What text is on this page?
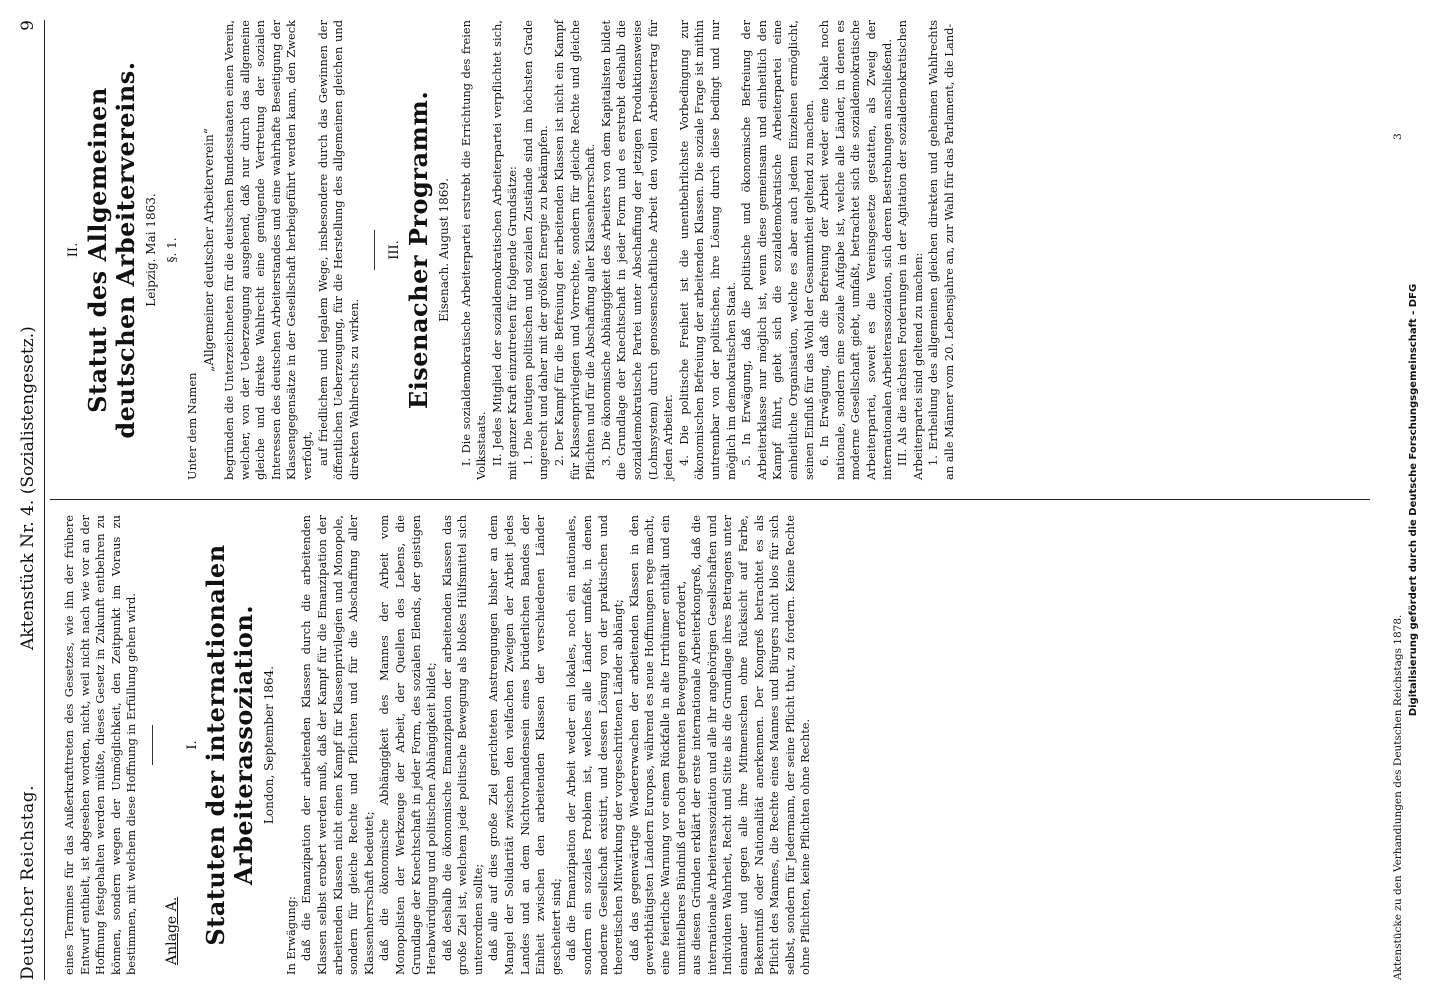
Deutscher Reichstag.
Aktenstück Nr. 4. (Sozialistengesetz.)
9

eines Termines für das Außerkrafttreten des Gesetzes, wie ihn der frühere Entwurf enthielt, ist abgesehen worden, nicht, weil nicht nach wie vor an der Hoffnung festgehalten werden müßte, dieses Gesetz in Zukunft entbehren zu können, sondern wegen der Unmöglichkeit, den Zeitpunkt im Voraus zu bestimmen, mit welchem diese Hoffnung in Erfüllung gehen wird. Anlage A.
I. Statuten der internationalen Arbeiterassoziation. London, September 1864.

In Erwägung: daß die Emanzipation der arbeitenden Klassen durch die arbeitenden Klassen selbst erobert werden muß, daß der Kampf für die Emanzipation der arbeitenden Klassen nicht einen Kampf für Klassenprivilegien und Monopole, sondern für gleiche Rechte und Pflichten und für die Abschaffung aller Klassenherrschaft bedeutet; daß die ökonomische Abhängigkeit des Mannes der Arbeit vom Monopolisten der Werkzeuge der Arbeit, der Quellen des Lebens, die Grundlage der Knechtschaft in jeder Form, des sozialen Elends, der geistigen Herabwürdigung und politischen Abhängigkeit bildet; daß deshalb die ökonomische Emanzipation der arbeitenden Klassen das große Ziel ist, welchem jede politische Bewegung als bloßes Hülfsmittel sich unterordnen sollte; daß alle auf dies große Ziel gerichteten Anstrengungen bisher an dem Mangel der Solidarität zwischen den vielfachen Zweigen der Arbeit jedes Landes und an dem Nichtvorhandensein eines brüderlichen Bandes der Einheit zwischen den arbeitenden Klassen der verschiedenen Länder gescheitert sind; daß die Emanzipation der Arbeit weder ein lokales, noch ein nationales, sondern ein soziales Problem ist, welches alle Länder umfaßt, in denen moderne Gesellschaft existirt, und dessen Lösung von der praktischen und theoretischen Mitwirkung der vorgeschrittenen Länder abhängt; daß das gegenwärtige Wiedererwachen der arbeitenden Klassen in den gewerbthätigsten Ländern Europas, während es neue Hoffnungen rege macht, eine feierliche Warnung vor einem Rückfalle in alte Irrthümer enthält und ein unmittelbares Bündniß der noch getrennten Bewegungen erfordert, aus diesen Gründen erklärt der erste internationale Arbeiterkongreß, daß die internationale Arbeiterassoziation und alle ihr angehörigen Gesellschaften und Individuen Wahrheit, Recht und Sitte als die Grundlage ihres Betragens unter einander und gegen alle ihre Mitmenschen ohne Rücksicht auf Farbe, Bekenntniß oder Nationalität anerkennen. Der Kongreß betrachtet es als Pflicht des Mannes, die Rechte eines Mannes und Bürgers nicht blos für sich selbst, sondern für Jedermann, der seine Pflicht thut, zu fordern. Keine Rechte ohne Pflichten, keine Pflichten ohne Rechte.

II. Statut des Allgemeinen deutschen Arbeitervereins. Leipzig. Mai 1863. §. 1.

Unter dem Namen

„Allgemeiner deutscher Arbeiterverein“ begründen die Unterzeichneten für die deutschen Bundesstaaten einen Verein, welcher, von der Ueberzeugung ausgehend, daß nur durch das allgemeine gleiche und direkte Wahlrecht eine genügende Vertretung der sozialen Interessen des deutschen Arbeiterstandes und eine wahrhafte Beseitigung der Klassengegensätze in der Gesellschaft herbeigeführt werden kann, den Zweck verfolgt, auf friedlichem und legalem Wege, insbesondere durch das Gewinnen der öffentlichen Ueberzeugung, für die Herstellung des allgemeinen gleichen und direkten Wahlrechts zu wirken.

III. Eisenacher Programm. Eisenach. August 1869. I. Die sozialdemokratische Arbeiterpartei erstrebt die Errichtung des freien Volksstaats. II. Jedes Mitglied der sozialdemokratischen Arbeiterpartei verpflichtet sich, mit ganzer Kraft einzutreten für folgende Grundsätze: 1. Die heutigen politischen und sozialen Zustände sind im höchsten Grade ungerecht und daher mit der größten Energie zu bekämpfen. 2. Der Kampf für die Befreiung der arbeitenden Klassen ist nicht ein Kampf für Klassenprivilegien und Vorrechte, sondern für gleiche Rechte und gleiche Pflichten und für die Abschaffung aller Klassenherrschaft. 3. Die ökonomische Abhängigkeit des Arbeiters von dem Kapitalisten bildet die Grundlage der Knechtschaft in jeder Form und es erstrebt deshalb die sozialdemokratische Partei unter Abschaffung der jetzigen Produktionsweise (Lohnsystem) durch genossenschaftliche Arbeit den vollen Arbeitsertrag für jeden Arbeiter. 4. Die politische Freiheit ist die unentbehrlichste Vorbedingung zur ökonomischen Befreiung der arbeitenden Klassen. Die soziale Frage ist mithin untrennbar von der politischen, ihre Lösung durch diese bedingt und nur möglich im demokratischen Staat. 5. In Erwägung, daß die politische und ökonomische Befreiung der Arbeiterklasse nur möglich ist, wenn diese gemeinsam und einheitlich den Kampf führt, giebt sich die sozialdemokratische Arbeiterpartei eine einheitliche Organisation, welche es aber auch jedem Einzelnen ermöglicht, seinen Einfluß für das Wohl der Gesammtheit geltend zu machen. 6. In Erwägung, daß die Befreiung der Arbeit weder eine lokale noch nationale, sondern eine soziale Aufgabe ist, welche alle Länder, in denen es moderne Gesellschaft giebt, umfaßt, betrachtet sich die sozialdemokratische Arbeiterpartei, soweit es die Vereinsgesetze gestatten, als Zweig der internationalen Arbeiterassoziation, sich deren Bestrebungen anschließend. III. Als die nächsten Forderungen in der Agitation der sozialdemokratischen Arbeiterpartei sind geltend zu machen: 1. Ertheilung des allgemeinen gleichen direkten und geheimen Wahlrechts an alle Männer vom 20. Lebensjahre an, zur Wahl für das Parlament, die Land-

Aktenstücke zu den Verhandlungen des Deutschen Reichstags 1878.
3
Digitalisierung gefördert durch die Deutsche Forschungsgemeinschaft - DFG
